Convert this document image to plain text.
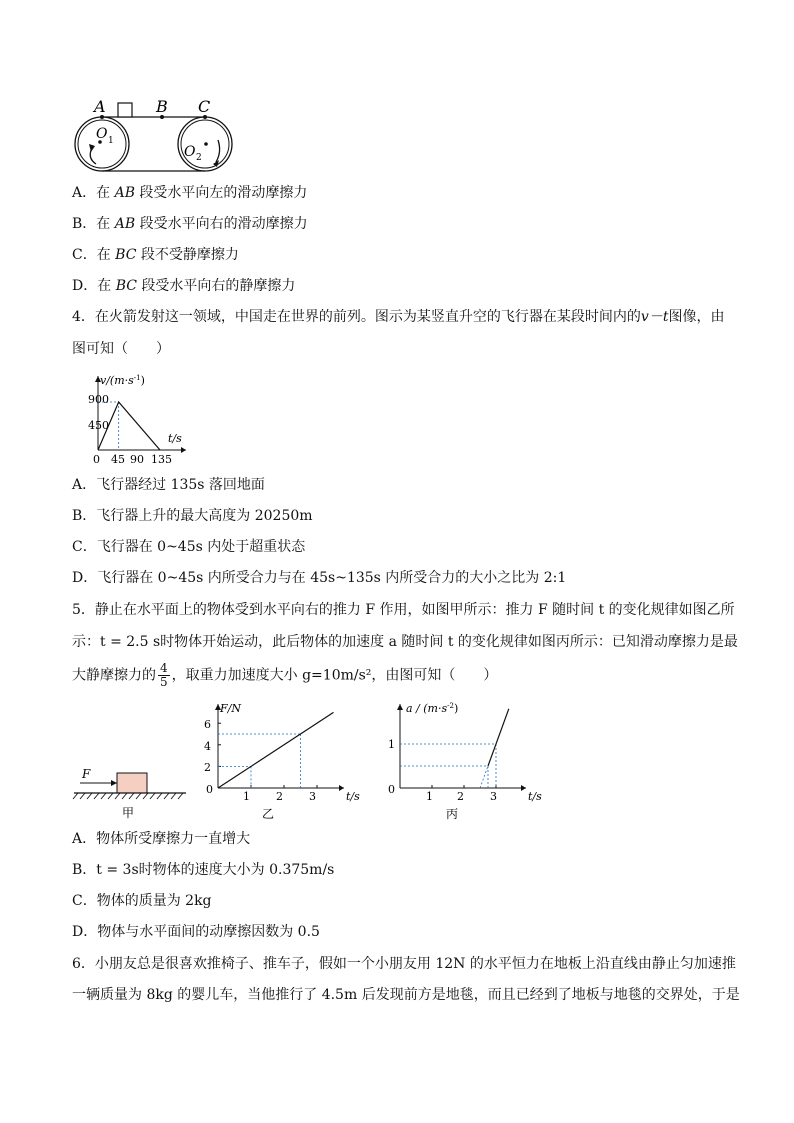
A	B C
O 1
O 2
A．在 AB 段受水平向左的滑动摩擦力
B．在 AB 段受水平向右的滑动摩擦力
C．在 BC 段不受静摩擦力
D．在 BC 段受水平向右的静摩擦力
4．在火箭发射这一领域，中国走在世界的前列。图示为某竖直升空的飞行器在某段时间内的v－t图像，由
图可知（　　）
$v/(m\cdot s^{-1})$
t/s
900
450
0 45 90 135
A．飞行器经过 135s 落回地面
B．飞行器上升的最大高度为 20250m
C．飞行器在 0~45s 内处于超重状态
D．飞行器在 0~45s 内所受合力与在 45s~135s 内所受合力的大小之比为 2:1
5．静止在水平面上的物体受到水平向右的推力 F 作用，如图甲所示：推力 F 随时间 t 的变化规律如图乙所
示：t = 2.5 s时物体开始运动，此后物体的加速度 a 随时间 t 的变化规律如图丙所示：已知滑动摩擦力是最
大静摩擦力的 $\frac{4}{5}$ ，取重力加速度大小 g=10m/s²，由图可知（　　）
F
甲
F/N
t/s
6
4
2
0
1 2 3
乙
$a / (m\cdot s^{-2})$
t/s
1
0
1 2 3
丙
A．物体所受摩擦力一直增大
B．t = 3s时物体的速度大小为 0.375m/s
C．物体的质量为 2kg
D．物体与水平面间的动摩擦因数为 0.5
6．小朋友总是很喜欢推椅子、推车子，假如一个小朋友用 12N 的水平恒力在地板上沿直线由静止匀加速推
一辆质量为 8kg 的婴儿车，当他推行了 4.5m 后发现前方是地毯，而且已经到了地板与地毯的交界处，于是
